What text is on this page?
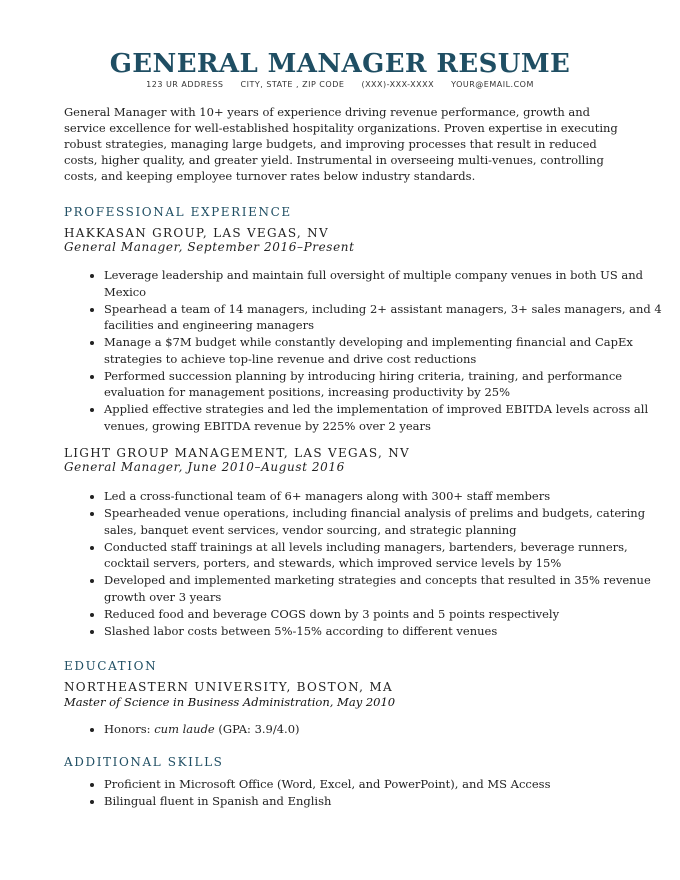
GENERAL MANAGER RESUME
123 UR ADDRESS CITY, STATE , ZIP CODE (XXX)-XXX-XXXX YOUR@EMAIL.COM
General Manager with 10+ years of experience driving revenue performance, growth and service excellence for well-established hospitality organizations. Proven expertise in executing robust strategies, managing large budgets, and improving processes that result in reduced costs, higher quality, and greater yield. Instrumental in overseeing multi-venues, controlling costs, and keeping employee turnover rates below industry standards.
PROFESSIONAL EXPERIENCE
HAKKASAN GROUP, LAS VEGAS, NV
General Manager, September 2016–Present
• Leverage leadership and maintain full oversight of multiple company venues in both US and Mexico
• Spearhead a team of 14 managers, including 2+ assistant managers, 3+ sales managers, and 4 facilities and engineering managers
• Manage a $7M budget while constantly developing and implementing financial and CapEx strategies to achieve top-line revenue and drive cost reductions
• Performed succession planning by introducing hiring criteria, training, and performance evaluation for management positions, increasing productivity by 25%
• Applied effective strategies and led the implementation of improved EBITDA levels across all venues, growing EBITDA revenue by 225% over 2 years
LIGHT GROUP MANAGEMENT, LAS VEGAS, NV
General Manager, June 2010–August 2016
• Led a cross-functional team of 6+ managers along with 300+ staff members
• Spearheaded venue operations, including financial analysis of prelims and budgets, catering sales, banquet event services, vendor sourcing, and strategic planning
• Conducted staff trainings at all levels including managers, bartenders, beverage runners, cocktail servers, porters, and stewards, which improved service levels by 15%
• Developed and implemented marketing strategies and concepts that resulted in 35% revenue growth over 3 years
• Reduced food and beverage COGS down by 3 points and 5 points respectively
• Slashed labor costs between 5%-15% according to different venues
EDUCATION
NORTHEASTERN UNIVERSITY, BOSTON, MA
Master of Science in Business Administration, May 2010
• Honors: cum laude (GPA: 3.9/4.0)
ADDITIONAL SKILLS
• Proficient in Microsoft Office (Word, Excel, and PowerPoint), and MS Access
• Bilingual fluent in Spanish and English
